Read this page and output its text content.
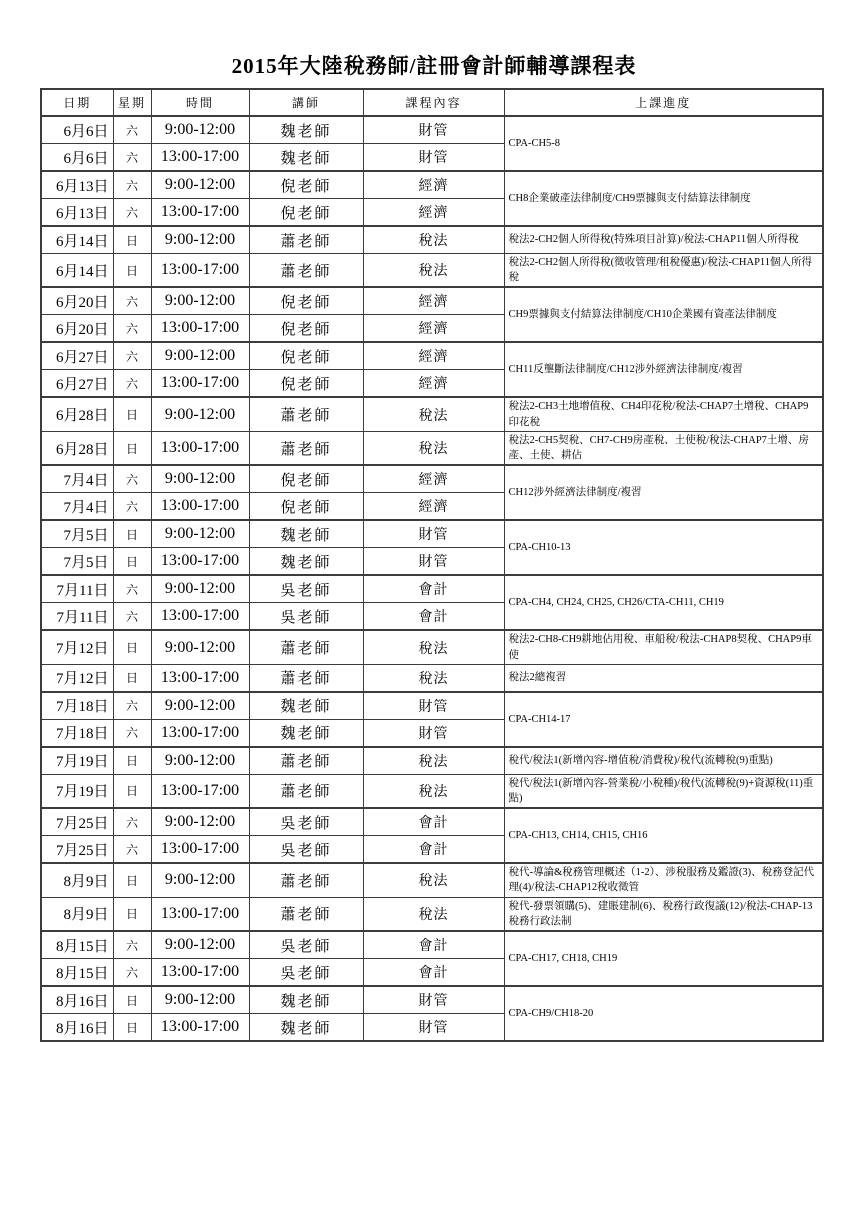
2015年大陸稅務師/註冊會計師輔導課程表
日期	星期	時間	講師	課程內容	上課進度
6月6日	六	9:00-12:00	魏老師	財管	CPA-CH5-8
6月6日	六	13:00-17:00	魏老師	財管	
6月13日	六	9:00-12:00	倪老師	經濟	CH8企業破產法律制度/CH9票據與支付結算法律制度
6月13日	六	13:00-17:00	倪老師	經濟	
6月14日	日	9:00-12:00	蕭老師	稅法	稅法2-CH2個人所得稅(特殊項目計算)/稅法-CHAP11個人所得稅
6月14日	日	13:00-17:00	蕭老師	稅法	稅法2-CH2個人所得稅(徵收管理/租稅優惠)/稅法-CHAP11個人所得稅
6月20日	六	9:00-12:00	倪老師	經濟	CH9票據與支付結算法律制度/CH10企業國有資產法律制度
6月20日	六	13:00-17:00	倪老師	經濟	
6月27日	六	9:00-12:00	倪老師	經濟	CH11反壟斷法律制度/CH12涉外經濟法律制度/複習
6月27日	六	13:00-17:00	倪老師	經濟	
6月28日	日	9:00-12:00	蕭老師	稅法	稅法2-CH3土地增值稅、CH4印花稅/稅法-CHAP7土增稅、CHAP9印花稅
6月28日	日	13:00-17:00	蕭老師	稅法	稅法2-CH5契稅、CH7-CH9房產稅、土使稅/稅法-CHAP7土增、房產、土使、耕佔
7月4日	六	9:00-12:00	倪老師	經濟	CH12涉外經濟法律制度/複習
7月4日	六	13:00-17:00	倪老師	經濟	
7月5日	日	9:00-12:00	魏老師	財管	CPA-CH10-13
7月5日	日	13:00-17:00	魏老師	財管	
7月11日	六	9:00-12:00	吳老師	會計	CPA-CH4, CH24, CH25, CH26/CTA-CH11, CH19
7月11日	六	13:00-17:00	吳老師	會計	
7月12日	日	9:00-12:00	蕭老師	稅法	稅法2-CH8-CH9耕地佔用稅、車船稅/稅法-CHAP8契稅、CHAP9車使
7月12日	日	13:00-17:00	蕭老師	稅法	稅法2總複習
7月18日	六	9:00-12:00	魏老師	財管	CPA-CH14-17
7月18日	六	13:00-17:00	魏老師	財管	
7月19日	日	9:00-12:00	蕭老師	稅法	稅代/稅法1(新增內容-增值稅/消費稅)/稅代(流轉稅(9)重點)
7月19日	日	13:00-17:00	蕭老師	稅法	稅代/稅法1(新增內容-營業稅/小稅種)/稅代(流轉稅(9)+資源稅(11)重點)
7月25日	六	9:00-12:00	吳老師	會計	CPA-CH13, CH14, CH15, CH16
7月25日	六	13:00-17:00	吳老師	會計	
8月9日	日	9:00-12:00	蕭老師	稅法	稅代-導論&稅務管理概述（1-2）、涉稅服務及鑑證(3)、稅務登記代理(4)/稅法-CHAP12稅收徵管
8月9日	日	13:00-17:00	蕭老師	稅法	稅代-發票領購(5)、建賬建制(6)、稅務行政復議(12)/稅法-CHAP-13稅務行政法制
8月15日	六	9:00-12:00	吳老師	會計	CPA-CH17, CH18, CH19
8月15日	六	13:00-17:00	吳老師	會計	
8月16日	日	9:00-12:00	魏老師	財管	CPA-CH9/CH18-20
8月16日	日	13:00-17:00	魏老師	財管	
